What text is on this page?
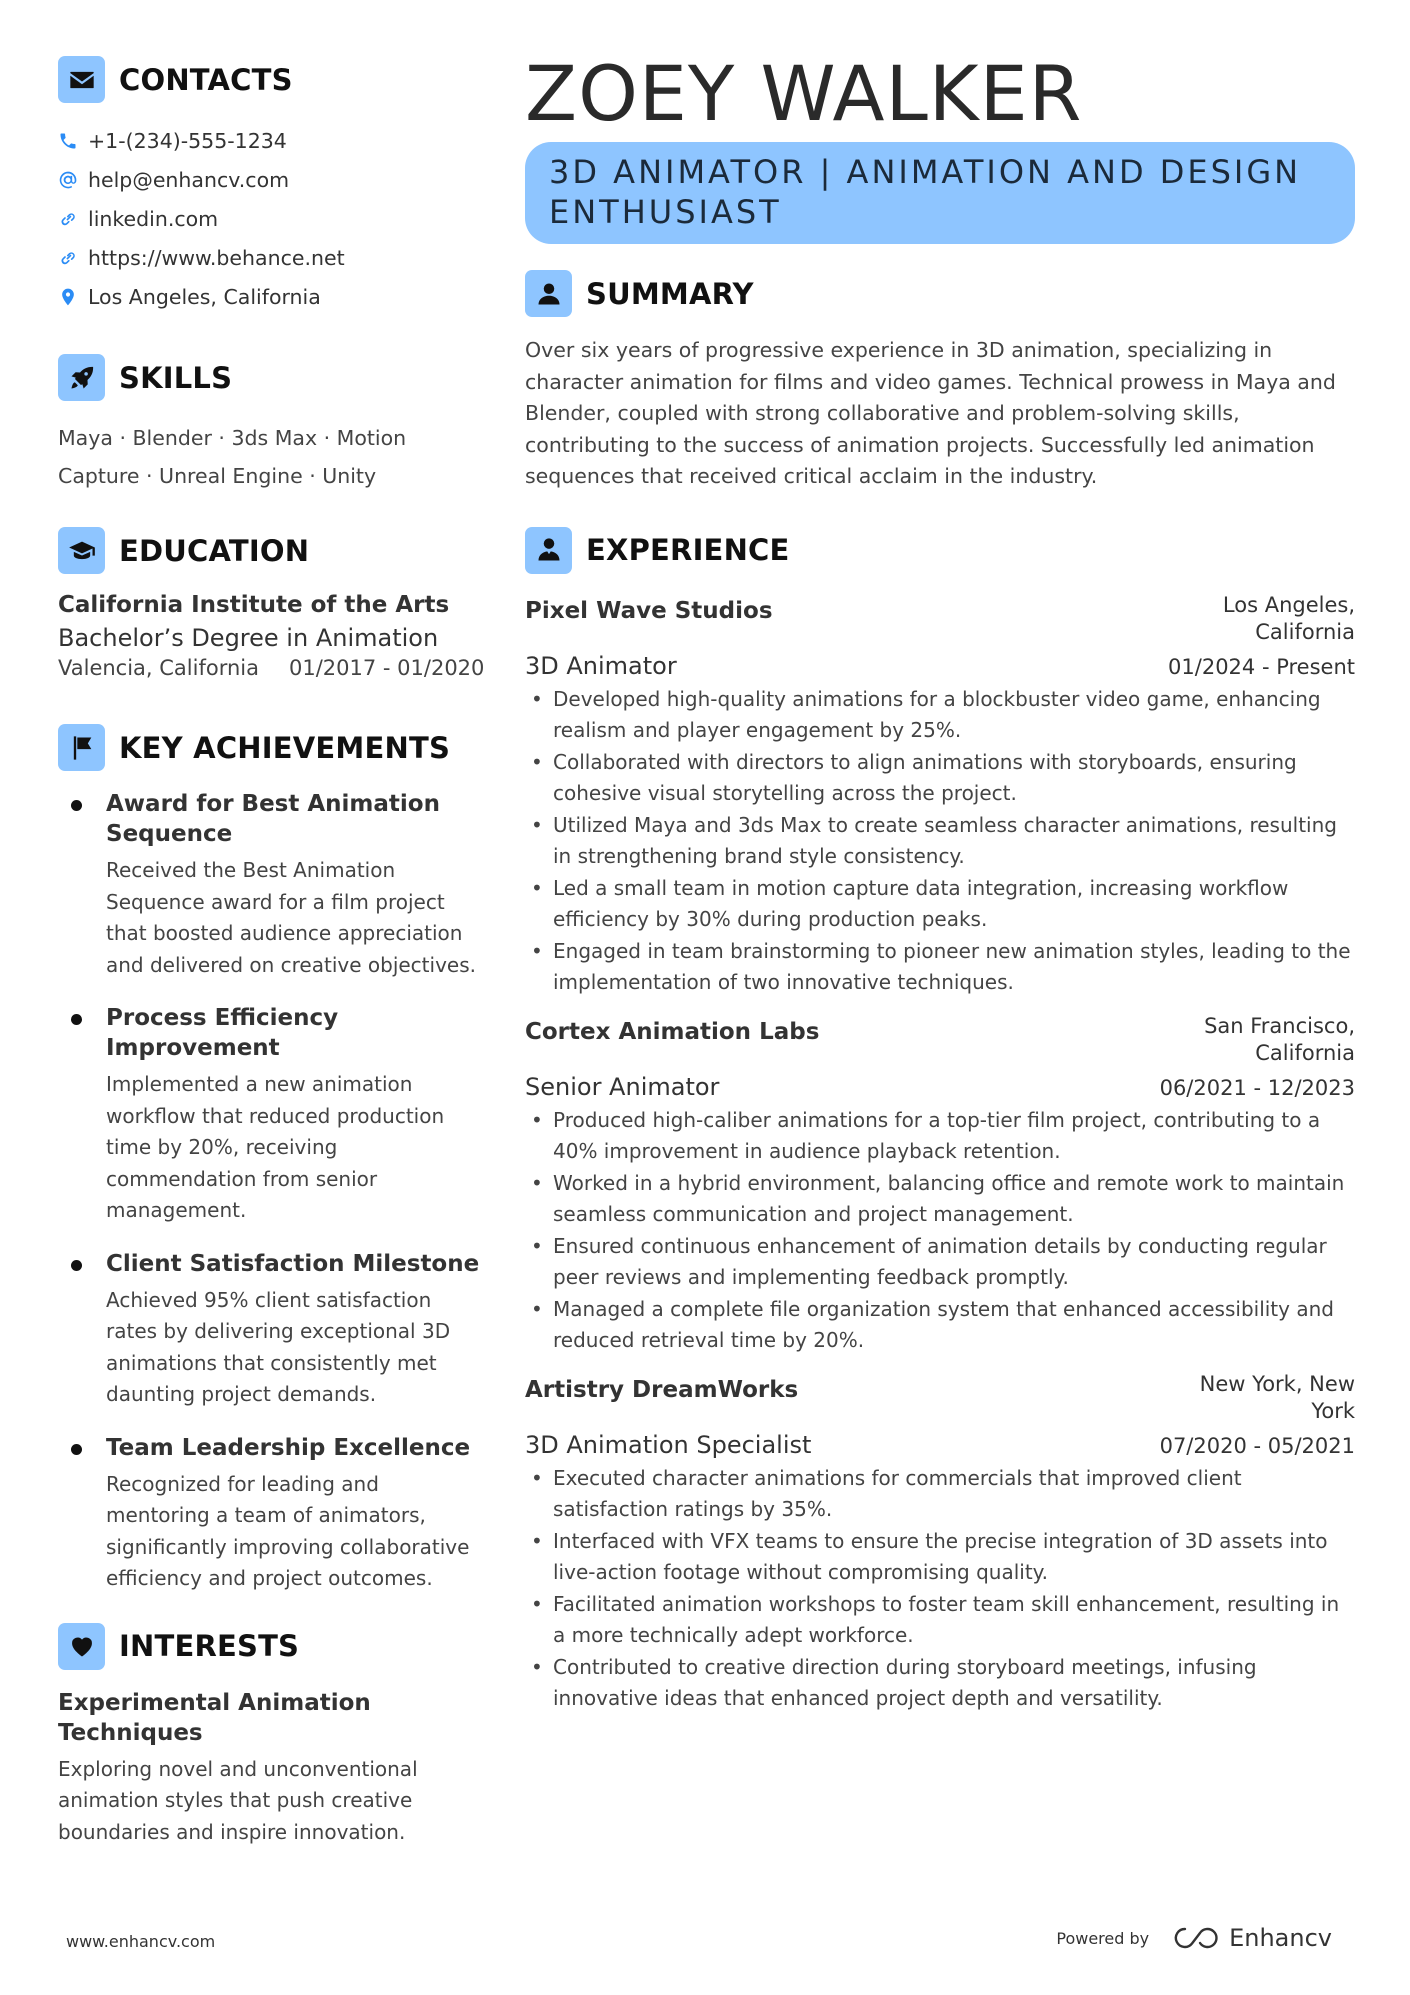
CONTACTS
+1-(234)-555-1234
help@enhancv.com
linkedin.com
https://www.behance.net
Los Angeles, California
SKILLS

Maya · Blender · 3ds Max · Motion Capture · Unreal Engine · Unity

EDUCATION
California Institute of the Arts
Bachelor’s Degree in Animation
Valencia, California 01/2017 - 01/2020
KEY ACHIEVEMENTS
Award for Best Animation Sequence
Received the Best Animation Sequence award for a film project that boosted audience appreciation and delivered on creative objectives.
Process Efficiency Improvement
Implemented a new animation workflow that reduced production time by 20%, receiving commendation from senior management.
Client Satisfaction Milestone
Achieved 95% client satisfaction rates by delivering exceptional 3D animations that consistently met daunting project demands.
Team Leadership Excellence
Recognized for leading and mentoring a team of animators, significantly improving collaborative efficiency and project outcomes.
INTERESTS
Experimental Animation Techniques
Exploring novel and unconventional animation styles that push creative boundaries and inspire innovation.
ZOEY WALKER
3D ANIMATOR | ANIMATION AND DESIGN ENTHUSIAST
SUMMARY

Over six years of progressive experience in 3D animation, specializing in character animation for films and video games. Technical prowess in Maya and Blender, coupled with strong collaborative and problem-solving skills, contributing to the success of animation projects. Successfully led animation sequences that received critical acclaim in the industry.

EXPERIENCE
Pixel Wave Studios	Los Angeles, California
3D Animator	01/2024 - Present
• Developed high-quality animations for a blockbuster video game, enhancing realism and player engagement by 25%.
• Collaborated with directors to align animations with storyboards, ensuring cohesive visual storytelling across the project.
• Utilized Maya and 3ds Max to create seamless character animations, resulting in strengthening brand style consistency.
• Led a small team in motion capture data integration, increasing workflow efficiency by 30% during production peaks.
• Engaged in team brainstorming to pioneer new animation styles, leading to the implementation of two innovative techniques.
Cortex Animation Labs	San Francisco, California
Senior Animator	06/2021 - 12/2023
• Produced high-caliber animations for a top-tier film project, contributing to a 40% improvement in audience playback retention.
• Worked in a hybrid environment, balancing office and remote work to maintain seamless communication and project management.
• Ensured continuous enhancement of animation details by conducting regular peer reviews and implementing feedback promptly.
• Managed a complete file organization system that enhanced accessibility and reduced retrieval time by 20%.
Artistry DreamWorks	New York, New York
3D Animation Specialist	07/2020 - 05/2021
• Executed character animations for commercials that improved client satisfaction ratings by 35%.
• Interfaced with VFX teams to ensure the precise integration of 3D assets into live-action footage without compromising quality.
• Facilitated animation workshops to foster team skill enhancement, resulting in a more technically adept workforce.
• Contributed to creative direction during storyboard meetings, infusing innovative ideas that enhanced project depth and versatility.
www.enhancv.com	Powered by	Enhancv
